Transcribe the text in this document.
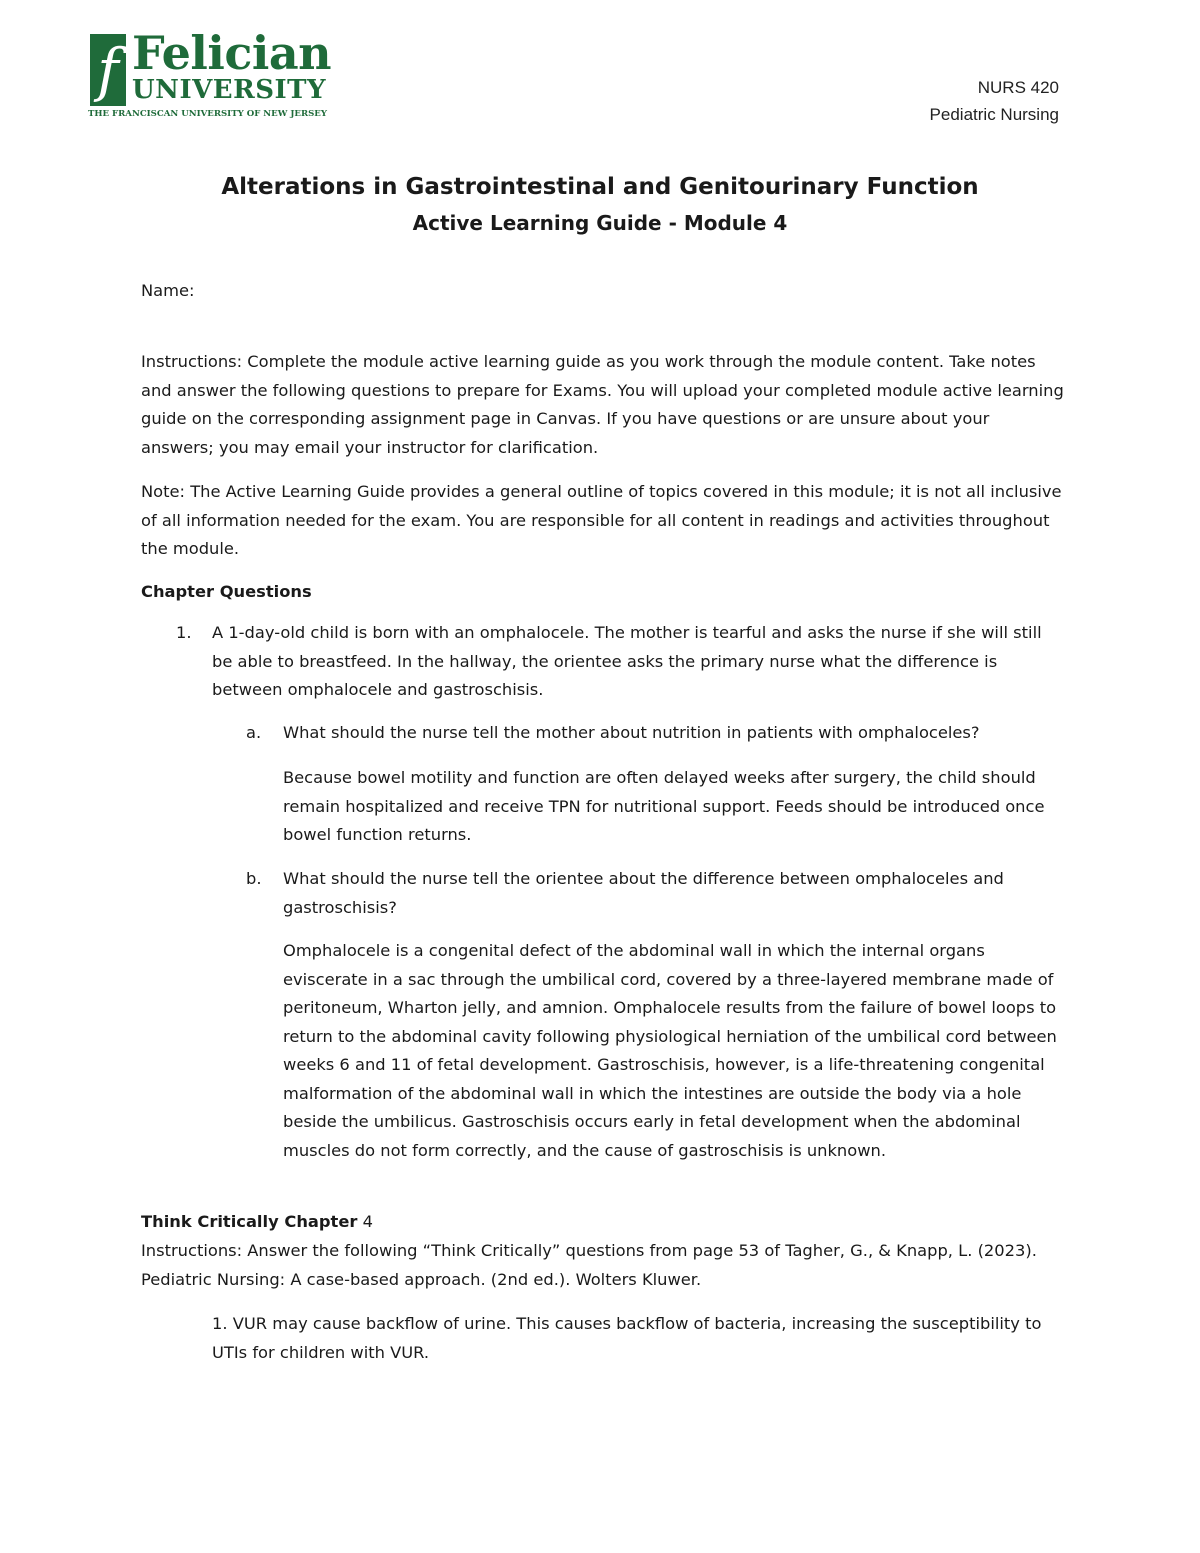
f Felician
UNIVERSITY
THE FRANCISCAN UNIVERSITY OF NEW JERSEY
NURS 420
Pediatric Nursing
Alterations in Gastrointestinal and Genitourinary Function
Active Learning Guide - Module 4
Name:
Instructions: Complete the module active learning guide as you work through the module content. Take notes and answer the following questions to prepare for Exams. You will upload your completed module active learning guide on the corresponding assignment page in Canvas. If you have questions or are unsure about your answers; you may email your instructor for clarification.
Note: The Active Learning Guide provides a general outline of topics covered in this module; it is not all inclusive of all information needed for the exam. You are responsible for all content in readings and activities throughout the module.
Chapter Questions
1. A 1-day-old child is born with an omphalocele. The mother is tearful and asks the nurse if she will still be able to breastfeed. In the hallway, the orientee asks the primary nurse what the difference is between omphalocele and gastroschisis.
a. What should the nurse tell the mother about nutrition in patients with omphaloceles?
Because bowel motility and function are often delayed weeks after surgery, the child should remain hospitalized and receive TPN for nutritional support. Feeds should be introduced once bowel function returns.
b. What should the nurse tell the orientee about the difference between omphaloceles and gastroschisis?
Omphalocele is a congenital defect of the abdominal wall in which the internal organs eviscerate in a sac through the umbilical cord, covered by a three-layered membrane made of peritoneum, Wharton jelly, and amnion. Omphalocele results from the failure of bowel loops to return to the abdominal cavity following physiological herniation of the umbilical cord between weeks 6 and 11 of fetal development. Gastroschisis, however, is a life-threatening congenital malformation of the abdominal wall in which the intestines are outside the body via a hole beside the umbilicus. Gastroschisis occurs early in fetal development when the abdominal muscles do not form correctly, and the cause of gastroschisis is unknown.
Think Critically Chapter 4
Instructions: Answer the following “Think Critically” questions from page 53 of Tagher, G., & Knapp, L. (2023). Pediatric Nursing: A case-based approach. (2nd ed.). Wolters Kluwer.
1. VUR may cause backflow of urine. This causes backflow of bacteria, increasing the susceptibility to UTIs for children with VUR.
